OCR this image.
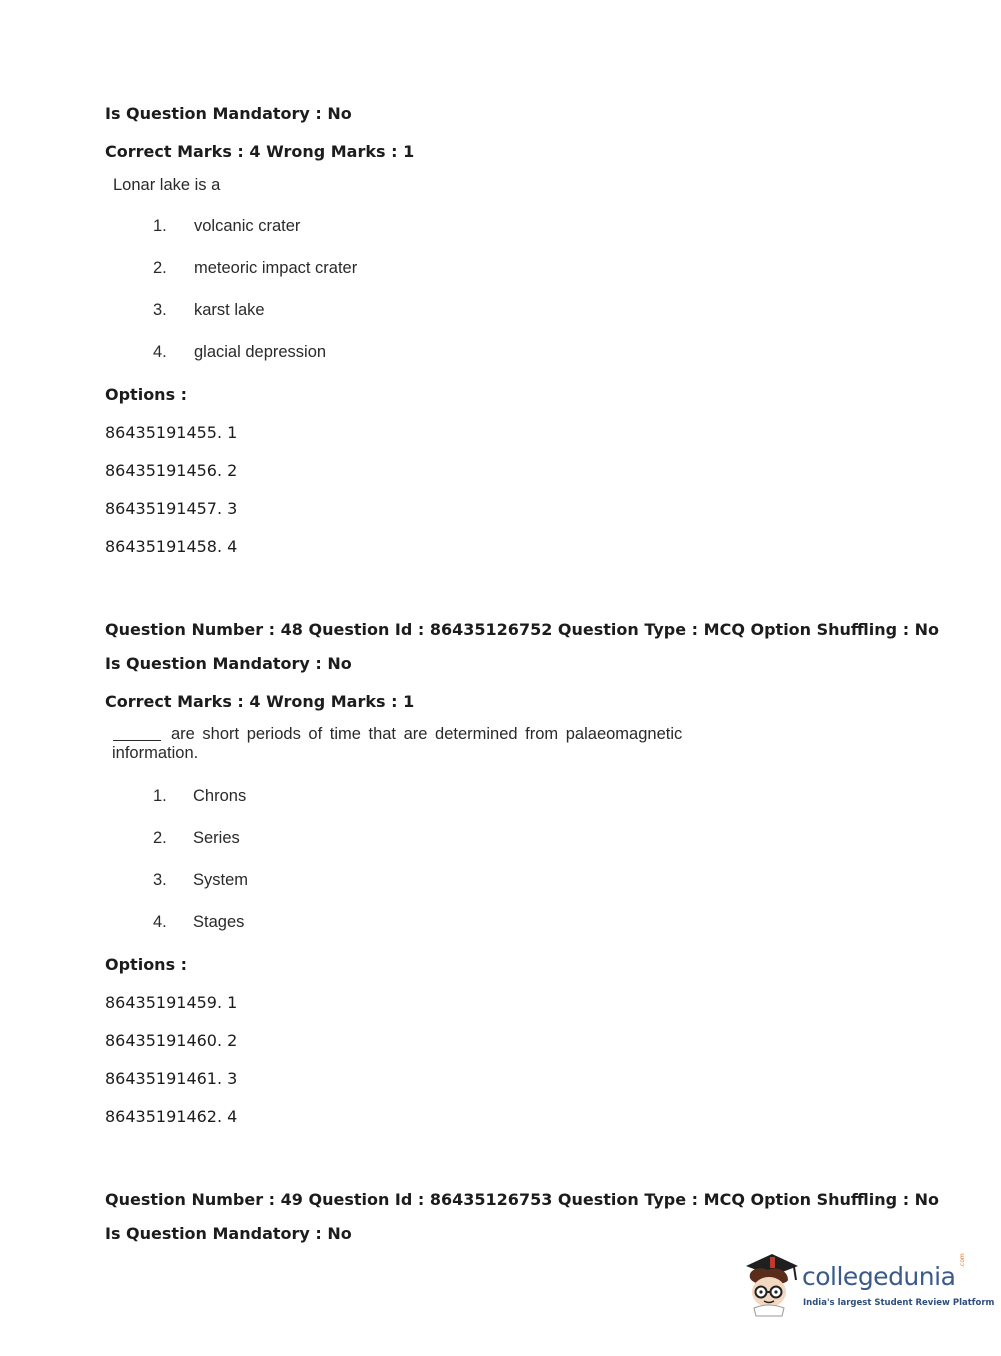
Is Question Mandatory : No
Correct Marks : 4 Wrong Marks : 1
Lonar lake is a
1. volcanic crater
2. meteoric impact crater
3. karst lake
4. glacial depression
Options :
86435191455. 1
86435191456. 2
86435191457. 3
86435191458. 4
Question Number : 48 Question Id : 86435126752 Question Type : MCQ Option Shuffling : No
Is Question Mandatory : No
Correct Marks : 4 Wrong Marks : 1
are short periods of time that are determined from palaeomagnetic
information.
1. Chrons
2. Series
3. System
4. Stages
Options :
86435191459. 1
86435191460. 2
86435191461. 3
86435191462. 4
Question Number : 49 Question Id : 86435126753 Question Type : MCQ Option Shuffling : No
Is Question Mandatory : No
collegedunia
.com
India's largest Student Review Platform
